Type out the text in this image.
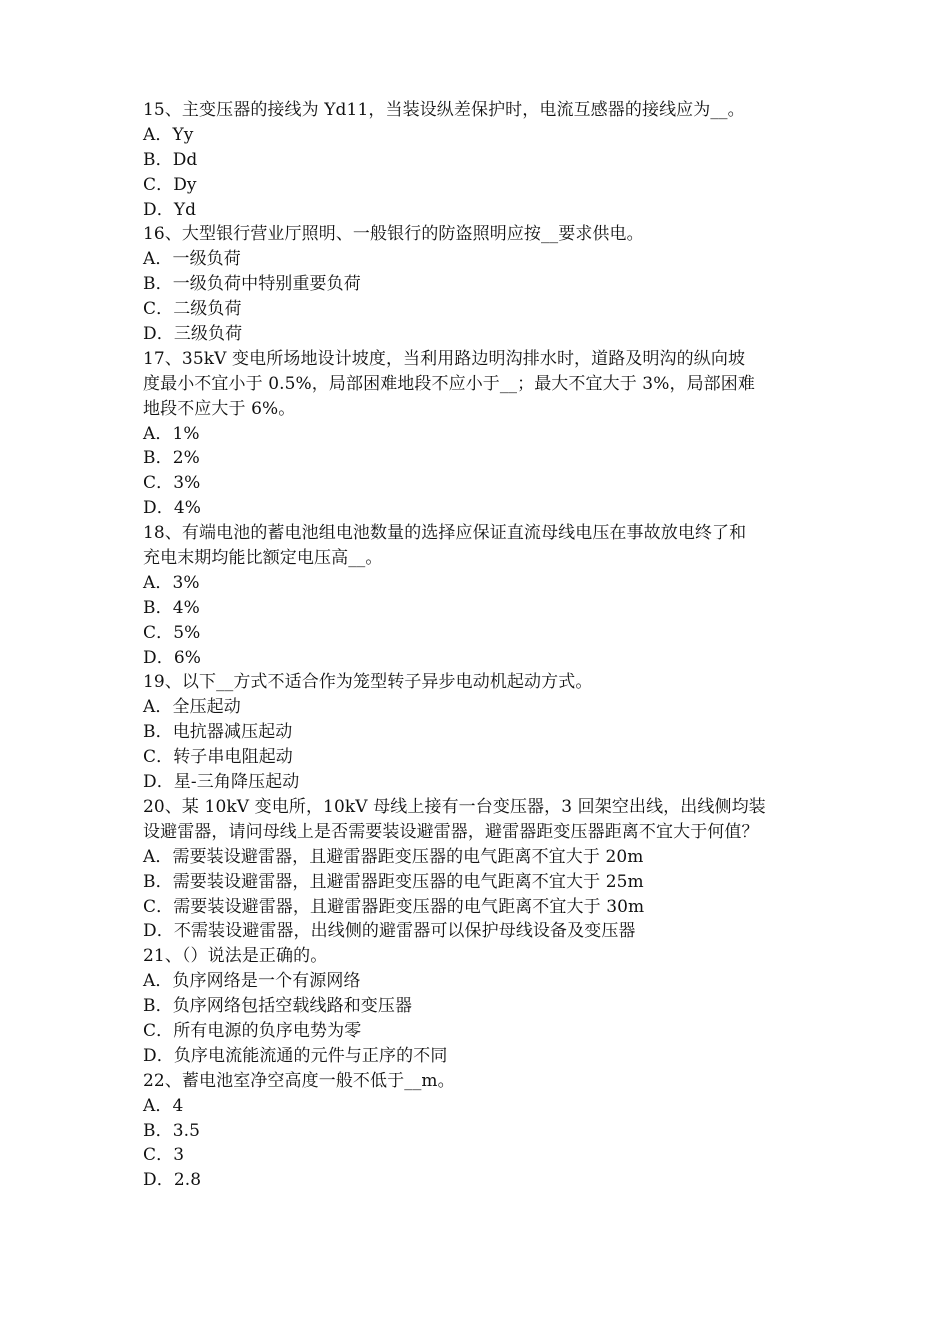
15、主变压器的接线为 Yd11，当装设纵差保护时，电流互感器的接线应为__。
A．Yy
B．Dd
C．Dy
D．Yd
16、大型银行营业厅照明、一般银行的防盗照明应按__要求供电。
A．一级负荷
B．一级负荷中特别重要负荷
C．二级负荷
D．三级负荷
17、35kV 变电所场地设计坡度，当利用路边明沟排水时，道路及明沟的纵向坡
度最小不宜小于 0.5%，局部困难地段不应小于__；最大不宜大于 3%，局部困难
地段不应大于 6%。
A．1%
B．2%
C．3%
D．4%
18、有端电池的蓄电池组电池数量的选择应保证直流母线电压在事故放电终了和
充电末期均能比额定电压高__。
A．3%
B．4%
C．5%
D．6%
19、以下__方式不适合作为笼型转子异步电动机起动方式。
A．全压起动
B．电抗器减压起动
C．转子串电阻起动
D．星-三角降压起动
20、某 10kV 变电所，10kV 母线上接有一台变压器，3 回架空出线，出线侧均装
设避雷器，请问母线上是否需要装设避雷器，避雷器距变压器距离不宜大于何值？
A．需要装设避雷器，且避雷器距变压器的电气距离不宜大于 20m
B．需要装设避雷器，且避雷器距变压器的电气距离不宜大于 25m
C．需要装设避雷器，且避雷器距变压器的电气距离不宜大于 30m
D．不需装设避雷器，出线侧的避雷器可以保护母线设备及变压器
21、（）说法是正确的。
A．负序网络是一个有源网络
B．负序网络包括空载线路和变压器
C．所有电源的负序电势为零
D．负序电流能流通的元件与正序的不同
22、蓄电池室净空高度一般不低于__m。
A．4
B．3.5
C．3
D．2.8
